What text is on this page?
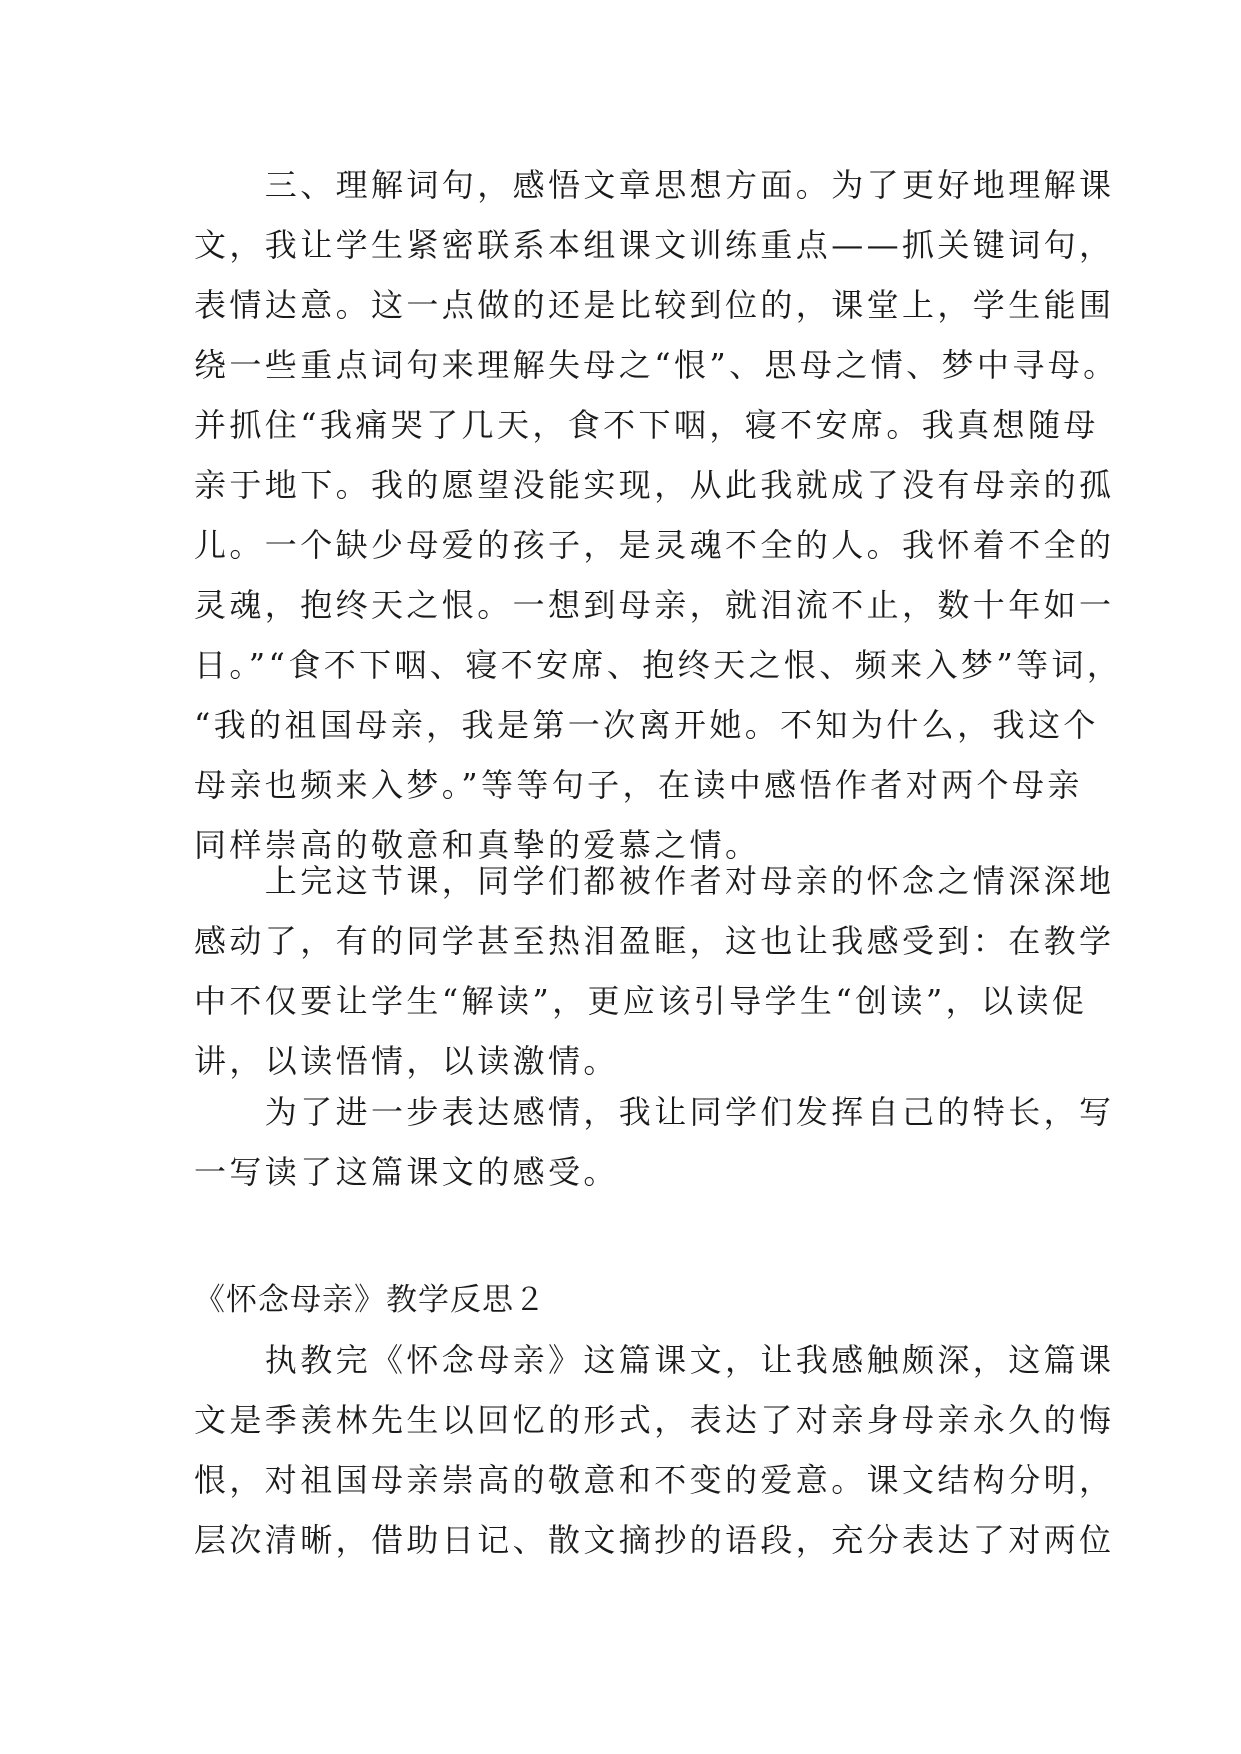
　　三、理解词句，感悟文章思想方面。为了更好地理解课
文，我让学生紧密联系本组课文训练重点——抓关键词句，
表情达意。这一点做的还是比较到位的，课堂上，学生能围
绕一些重点词句来理解失母之“恨”、思母之情、梦中寻母。
并抓住“我痛哭了几天，食不下咽，寝不安席。我真想随母
亲于地下。我的愿望没能实现，从此我就成了没有母亲的孤
儿。一个缺少母爱的孩子，是灵魂不全的人。我怀着不全的
灵魂，抱终天之恨。一想到母亲，就泪流不止，数十年如一
日。”“食不下咽、寝不安席、抱终天之恨、频来入梦”等词，
“我的祖国母亲，我是第一次离开她。不知为什么，我这个
母亲也频来入梦。”等等句子，在读中感悟作者对两个母亲
同样崇高的敬意和真挚的爱慕之情。
　　上完这节课，同学们都被作者对母亲的怀念之情深深地
感动了，有的同学甚至热泪盈眶，这也让我感受到：在教学
中不仅要让学生“解读”，更应该引导学生“创读”，以读促
讲，以读悟情，以读激情。
　　为了进一步表达感情，我让同学们发挥自己的特长，写
一写读了这篇课文的感受。
《怀念母亲》教学反思２
　　执教完《怀念母亲》这篇课文，让我感触颇深，这篇课
文是季羡林先生以回忆的形式，表达了对亲身母亲永久的悔
恨，对祖国母亲崇高的敬意和不变的爱意。课文结构分明，
层次清晰，借助日记、散文摘抄的语段，充分表达了对两位
